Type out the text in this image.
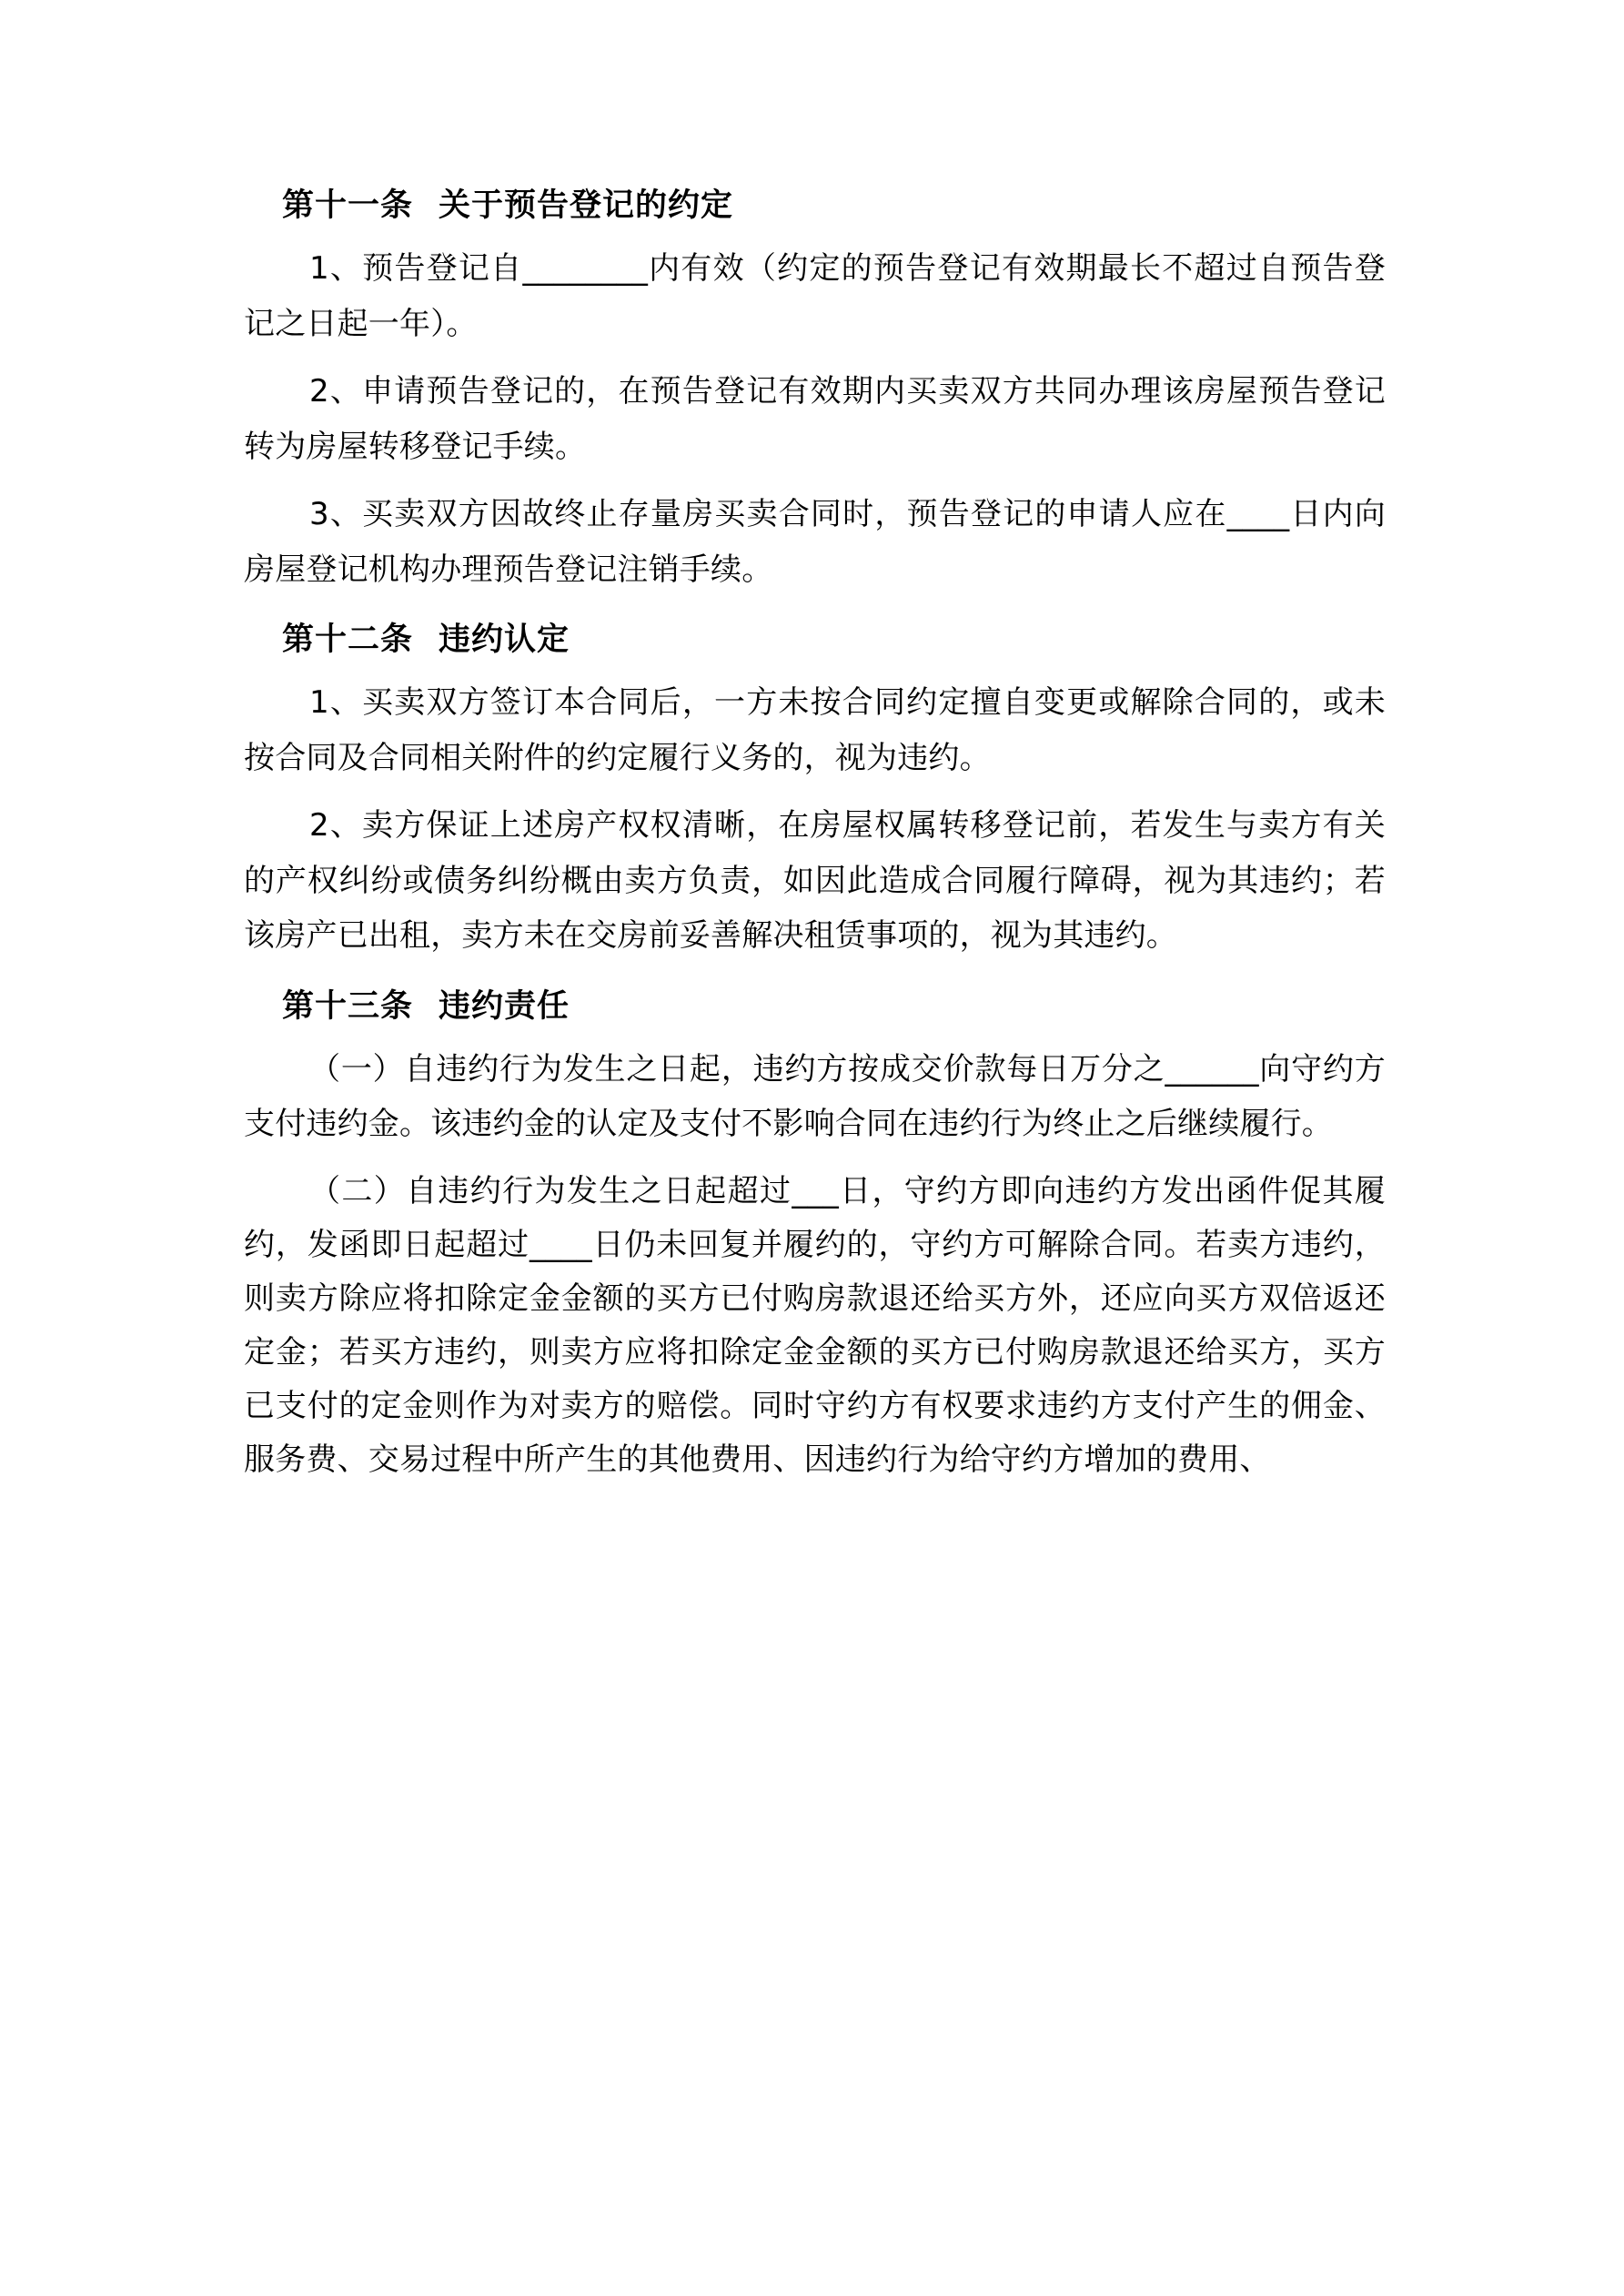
第十一条 关于预告登记的约定

1、预告登记自________内有效（约定的预告登记有效期最长不超过自预告登记之日起一年）。

2、申请预告登记的，在预告登记有效期内买卖双方共同办理该房屋预告登记转为房屋转移登记手续。

3、买卖双方因故终止存量房买卖合同时，预告登记的申请人应在____日内向房屋登记机构办理预告登记注销手续。

第十二条 违约认定

1、买卖双方签订本合同后，一方未按合同约定擅自变更或解除合同的，或未按合同及合同相关附件的约定履行义务的，视为违约。

2、卖方保证上述房产权权清晰，在房屋权属转移登记前，若发生与卖方有关的产权纠纷或债务纠纷概由卖方负责，如因此造成合同履行障碍，视为其违约；若该房产已出租，卖方未在交房前妥善解决租赁事项的，视为其违约。

第十三条 违约责任

（一）自违约行为发生之日起，违约方按成交价款每日万分之______向守约方支付违约金。该违约金的认定及支付不影响合同在违约行为终止之后继续履行。

（二）自违约行为发生之日起超过___日，守约方即向违约方发出函件促其履约，发函即日起超过____日仍未回复并履约的，守约方可解除合同。若卖方违约，则卖方除应将扣除定金金额的买方已付购房款退还给买方外，还应向买方双倍返还定金；若买方违约，则卖方应将扣除定金金额的买方已付购房款退还给买方，买方已支付的定金则作为对卖方的赔偿。同时守约方有权要求违约方支付产生的佣金、服务费、交易过程中所产生的其他费用、因违约行为给守约方增加的费用、
